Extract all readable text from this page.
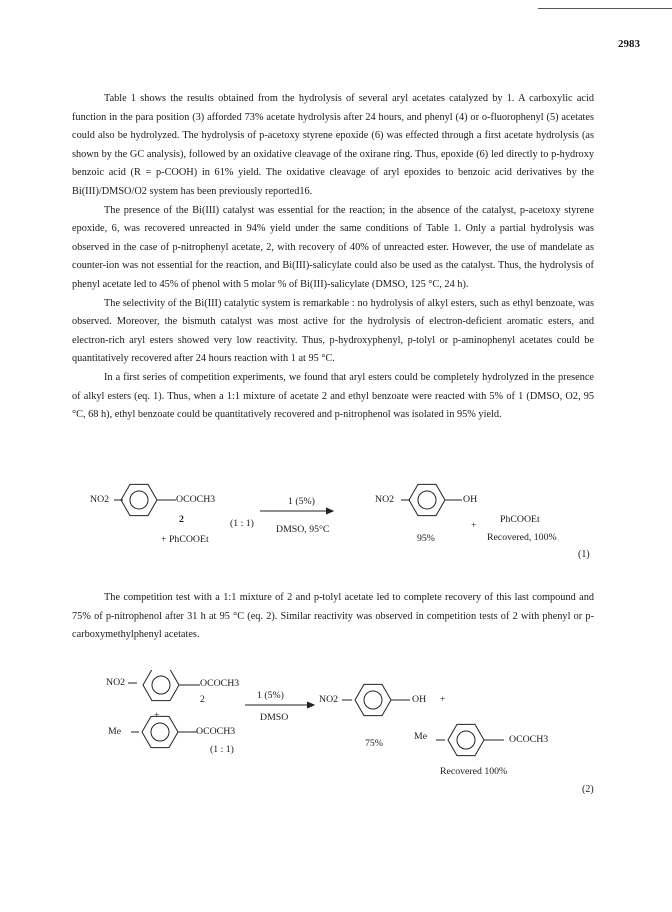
2983

Table 1 shows the results obtained from the hydrolysis of several aryl acetates catalyzed by 1. A carboxylic acid function in the para position (3) afforded 73% acetate hydrolysis after 24 hours, and phenyl (4) or o-fluorophenyl (5) acetates could also be hydrolyzed. The hydrolysis of p-acetoxy styrene epoxide (6) was effected through a first acetate hydrolysis (as shown by the GC analysis), followed by an oxidative cleavage of the oxirane ring. Thus, epoxide (6) led directly to p-hydroxy benzoic acid (R = p-COOH) in 61% yield. The oxidative cleavage of aryl epoxides to benzoic acid derivatives by the Bi(III)/DMSO/O2 system has been previously reported16.

The presence of the Bi(III) catalyst was essential for the reaction; in the absence of the catalyst, p-acetoxy styrene epoxide, 6, was recovered unreacted in 94% yield under the same conditions of Table 1. Only a partial hydrolysis was observed in the case of p-nitrophenyl acetate, 2, with recovery of 40% of unreacted ester. However, the use of mandelate as counter-ion was not essential for the reaction, and Bi(III)-salicylate could also be used as the catalyst. Thus, the hydrolysis of phenyl acetate led to 45% of phenol with 5 molar % of Bi(III)-salicylate (DMSO, 125 °C, 24 h).

The selectivity of the Bi(III) catalytic system is remarkable : no hydrolysis of alkyl esters, such as ethyl benzoate, was observed. Moreover, the bismuth catalyst was most active for the hydrolysis of electron-deficient aromatic esters, and electron-rich aryl esters showed very low reactivity. Thus, p-hydroxyphenyl, p-tolyl or p-aminophenyl acetates could be quantitatively recovered after 24 hours reaction with 1 at 95 °C.

In a first series of competition experiments, we found that aryl esters could be completely hydrolyzed in the presence of alkyl esters (eq. 1). Thus, when a 1:1 mixture of acetate 2 and ethyl benzoate were reacted with 5% of 1 (DMSO, O2, 95 °C, 68 h), ethyl benzoate could be quantitatively recovered and p-nitrophenol was isolated in 95% yield.

NO2	OCOCH3
2	(1 : 1)
+ PhCOOEt
1 (5%)
DMSO, 95°C
NO2	OH
95%
+
PhCOOEt
Recovered, 100%
(1)

The competition test with a 1:1 mixture of 2 and p-tolyl acetate led to complete recovery of this last compound and 75% of p-nitrophenol after 31 h at 95 °C (eq. 2). Similar reactivity was observed in competition tests of 2 with phenyl or p-carboxymethylphenyl acetates.

NO2	OCOCH3
2
+
Me	OCOCH3
(1 : 1)
1 (5%)
DMSO
NO2	OH +
75%
Me	OCOCH3
Recovered 100%
(2)
